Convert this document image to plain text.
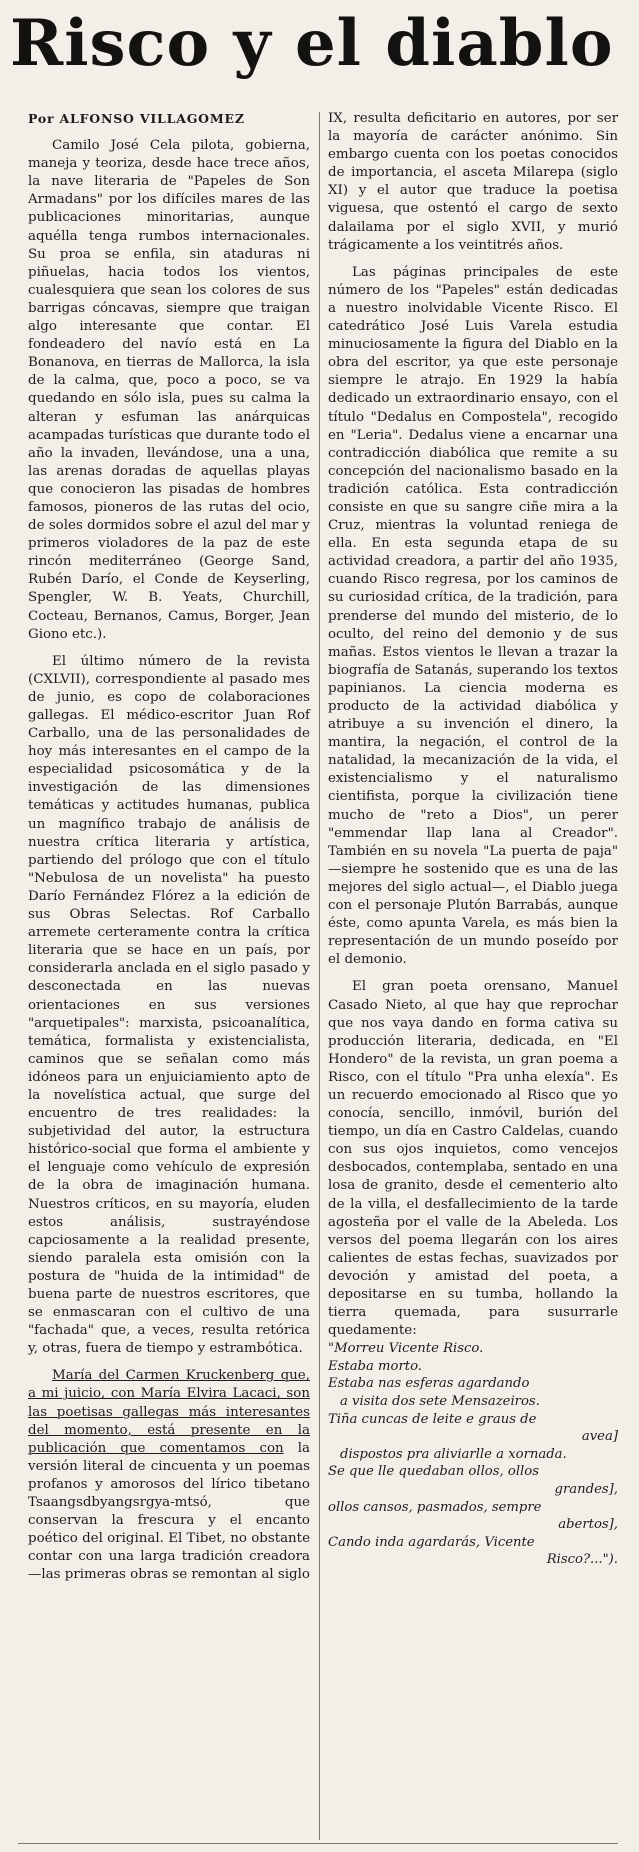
Risco y el diablo

Por ALFONSO VILLAGOMEZ

Camilo José Cela pilota, gobierna, maneja y teoriza, desde hace trece años, la nave literaria de "Papeles de Son Armadans" por los difíciles mares de las publicaciones minoritarias, aunque aquélla tenga rumbos internacionales. Su proa se enfila, sin ataduras ni piñuelas, hacia todos los vientos, cualesquiera que sean los colores de sus barrigas cóncavas, siempre que traigan algo interesante que contar. El fondeadero del navío está en La Bonanova, en tierras de Mallorca, la isla de la calma, que, poco a poco, se va quedando en sólo isla, pues su calma la alteran y esfuman las anárquicas acampadas turísticas que durante todo el año la invaden, llevándose, una a una, las arenas doradas de aquellas playas que conocieron las pisadas de hombres famosos, pioneros de las rutas del ocio, de soles dormidos sobre el azul del mar y primeros violadores de la paz de este rincón mediterráneo (George Sand, Rubén Darío, el Conde de Keyserling, Spengler, W. B. Yeats, Churchill, Cocteau, Bernanos, Camus, Borger, Jean Giono etc.).

El último número de la revista (CXLVII), correspondiente al pasado mes de junio, es copo de colaboraciones gallegas. El médico-escritor Juan Rof Carballo, una de las personalidades de hoy más interesantes en el campo de la especialidad psicosomática y de la investigación de las dimensiones temáticas y actitudes humanas, publica un magnífico trabajo de análisis de nuestra crítica literaria y artística, partiendo del prólogo que con el título "Nebulosa de un novelista" ha puesto Darío Fernández Flórez a la edición de sus Obras Selectas. Rof Carballo arremete certeramente contra la crítica literaria que se hace en un país, por considerarla anclada en el siglo pasado y desconectada en las nuevas orientaciones en sus versiones "arquetipales": marxista, psicoanalítica, temática, formalista y existencialista, caminos que se señalan como más idóneos para un enjuiciamiento apto de la novelística actual, que surge del encuentro de tres realidades: la subjetividad del autor, la estructura histórico-social que forma el ambiente y el lenguaje como vehículo de expresión de la obra de imaginación humana. Nuestros críticos, en su mayoría, eluden estos análisis, sustrayéndose capciosamente a la realidad presente, siendo paralela esta omisión con la postura de "huida de la intimidad" de buena parte de nuestros escritores, que se enmascaran con el cultivo de una "fachada" que, a veces, resulta retórica y, otras, fuera de tiempo y estrambótica.

María del Carmen Kruckenberg que, a mi juicio, con María Elvira Lacaci, son las poetisas gallegas más interesantes del momento, está presente en la publicación que comentamos con la versión literal de cincuenta y un poemas profanos y amorosos del lírico tibetano Tsaangsdbyangsrgya-mtsó, que conservan la frescura y el encanto poético del original. El Tibet, no obstante contar con una larga tradición creadora —las primeras obras se remontan al siglo

IX, resulta deficitario en autores, por ser la mayoría de carácter anónimo. Sin embargo cuenta con los poetas conocidos de importancia, el asceta Milarepa (siglo XI) y el autor que traduce la poetisa viguesa, que ostentó el cargo de sexto dalailama por el siglo XVII, y murió trágicamente a los veintitrés años.

Las páginas principales de este número de los "Papeles" están dedicadas a nuestro inolvidable Vicente Risco. El catedrático José Luis Varela estudia minuciosamente la figura del Diablo en la obra del escritor, ya que este personaje siempre le atrajo. En 1929 la había dedicado un extraordinario ensayo, con el título "Dedalus en Compostela", recogido en "Leria". Dedalus viene a encarnar una contradicción diabólica que remite a su concepción del nacionalismo basado en la tradición católica. Esta contradicción consiste en que su sangre ciñe mira a la Cruz, mientras la voluntad reniega de ella. En esta segunda etapa de su actividad creadora, a partir del año 1935, cuando Risco regresa, por los caminos de su curiosidad crítica, de la tradición, para prenderse del mundo del misterio, de lo oculto, del reino del demonio y de sus mañas. Estos vientos le llevan a trazar la biografía de Satanás, superando los textos papinianos. La ciencia moderna es producto de la actividad diabólica y atribuye a su invención el dinero, la mantira, la negación, el control de la natalidad, la mecanización de la vida, el existencialismo y el naturalismo cientifista, porque la civilización tiene mucho de "reto a Dios", un perer "emmendar llap lana al Creador". También en su novela "La puerta de paja" —siempre he sostenido que es una de las mejores del siglo actual—, el Diablo juega con el personaje Plutón Barrabás, aunque éste, como apunta Varela, es más bien la representación de un mundo poseído por el demonio.

El gran poeta orensano, Manuel Casado Nieto, al que hay que reprochar que nos vaya dando en forma cativa su producción literaria, dedicada, en "El Hondero" de la revista, un gran poema a Risco, con el título "Pra unha elexía". Es un recuerdo emocionado al Risco que yo conocía, sencillo, inmóvil, burión del tiempo, un día en Castro Caldelas, cuando con sus ojos inquietos, como vencejos desbocados, contemplaba, sentado en una losa de granito, desde el cementerio alto de la villa, el desfallecimiento de la tarde agosteña por el valle de la Abeleda. Los versos del poema llegarán con los aires calientes de estas fechas, suavizados por devoción y amistad del poeta, a depositarse en su tumba, hollando la tierra quemada, para susurrarle quedamente:

"Morreu Vicente Risco.
Estaba morto.
Estaba nas esferas agardando
a visita dos sete Mensazeiros.
Tiña cuncas de leite e graus de
avea]
dispostos pra aliviarlle a xornada.
Se que lle quedaban ollos, ollos
grandes],
ollos cansos, pasmados, sempre
abertos],
Cando inda agardarás, Vicente
Risco?...").
